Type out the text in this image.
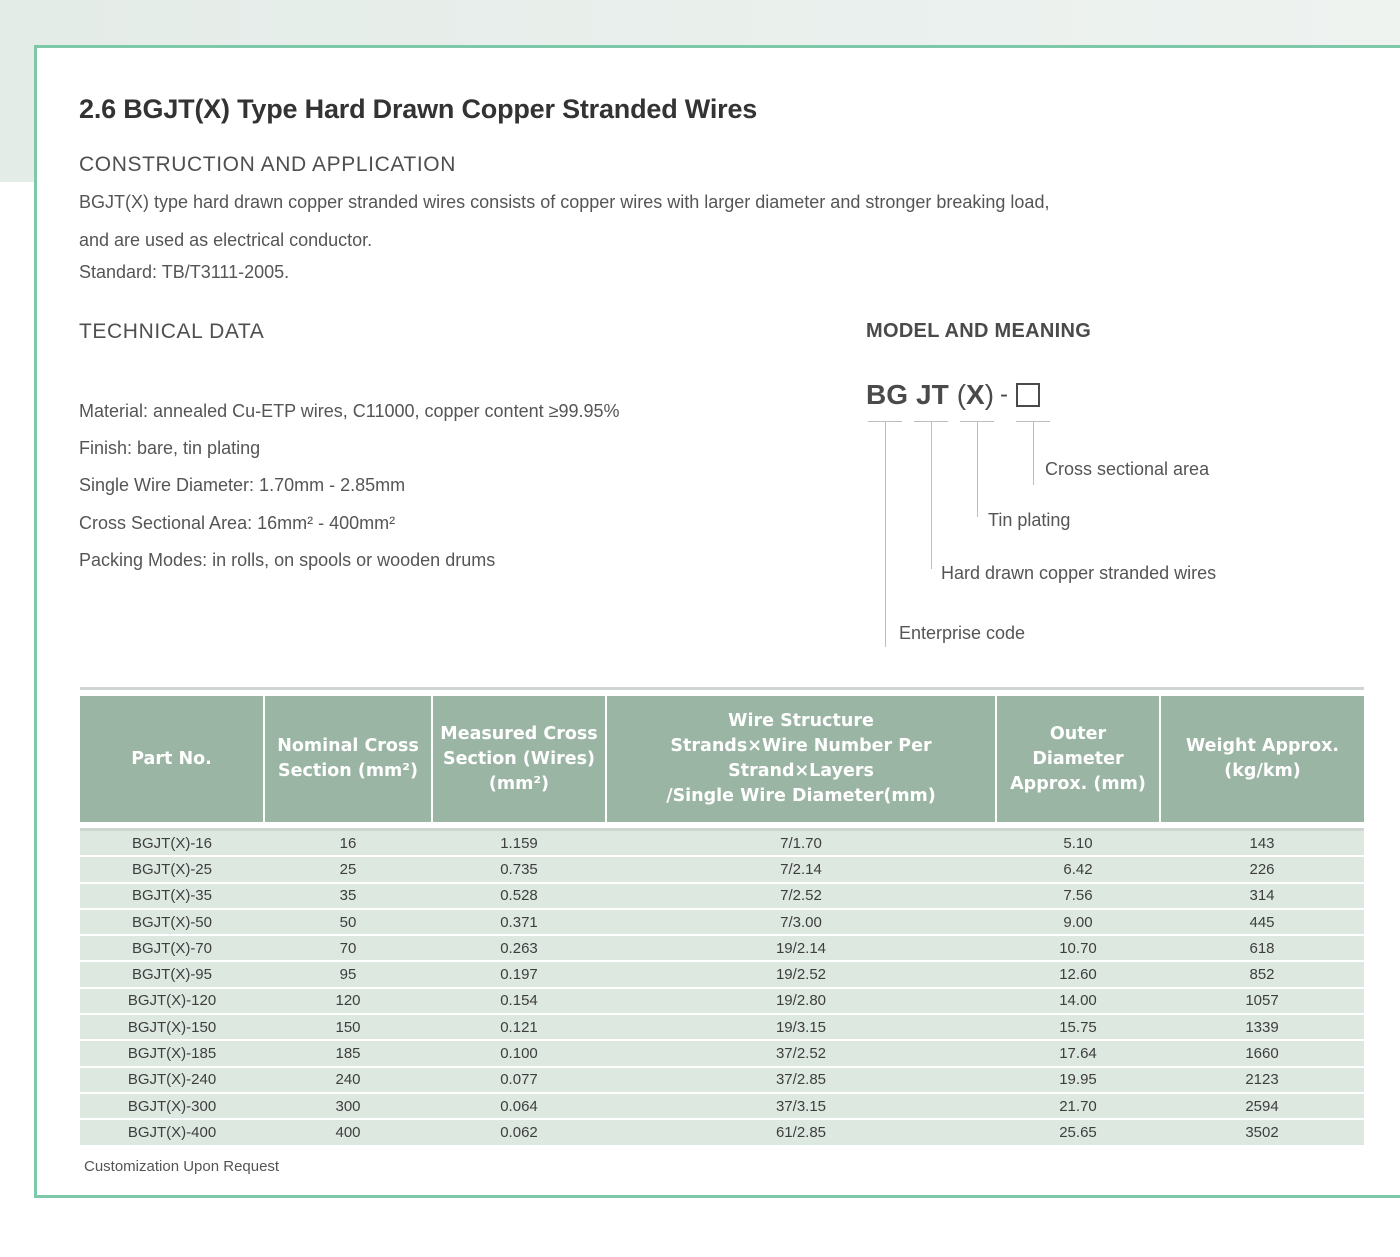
2.6 BGJT(X) Type Hard Drawn Copper Stranded Wires

CONSTRUCTION AND APPLICATION

BGJT(X) type hard drawn copper stranded wires consists of copper wires with larger diameter and stronger breaking load,

and are used as electrical conductor.

Standard: TB/T3111-2005.

TECHNICAL DATA

Material: annealed Cu-ETP wires, C11000, copper content ≥99.95%

Finish: bare, tin plating

Single Wire Diameter: 1.70mm - 2.85mm

Cross Sectional Area: 16mm² - 400mm²

Packing Modes: in rolls, on spools or wooden drums

MODEL AND MEANING

BG JT ( X ) -

Cross sectional area

Tin plating

Hard drawn copper stranded wires

Enterprise code

Part No.	Nominal Cross Section (mm²)	Measured Cross Section (Wires) (mm²)	Wire Structure
Strands×Wire Number Per Strand×Layers
/Single Wire Diameter(mm)	Outer Diameter Approx. (mm)	Weight Approx. (kg/km)

BGJT(X)-16	16	1.159	7/1.70	5.10	143
BGJT(X)-25	25	0.735	7/2.14	6.42	226
BGJT(X)-35	35	0.528	7/2.52	7.56	314
BGJT(X)-50	50	0.371	7/3.00	9.00	445
BGJT(X)-70	70	0.263	19/2.14	10.70	618
BGJT(X)-95	95	0.197	19/2.52	12.60	852
BGJT(X)-120	120	0.154	19/2.80	14.00	1057
BGJT(X)-150	150	0.121	19/3.15	15.75	1339
BGJT(X)-185	185	0.100	37/2.52	17.64	1660
BGJT(X)-240	240	0.077	37/2.85	19.95	2123
BGJT(X)-300	300	0.064	37/3.15	21.70	2594
BGJT(X)-400	400	0.062	61/2.85	25.65	3502

Customization Upon Request
